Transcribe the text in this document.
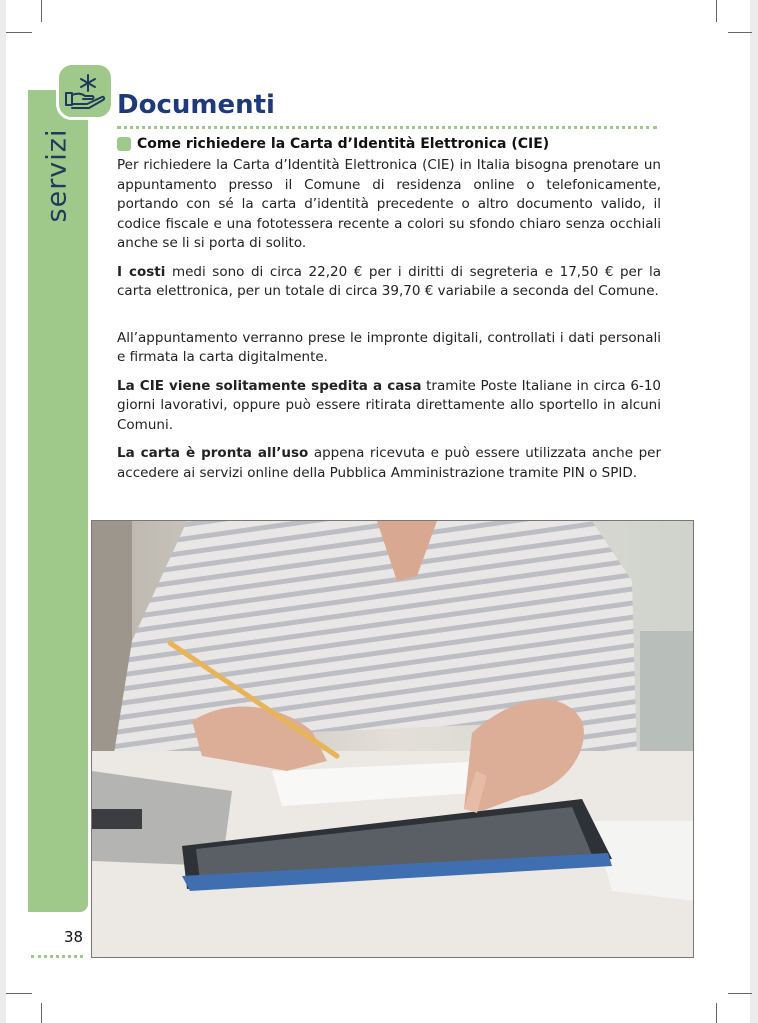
servizi
Documenti
Come richiedere la Carta d’Identità Elettronica (CIE)

Per richiedere la Carta d’Identità Elettronica (CIE) in Italia bisogna prenotare un appuntamento presso il Comune di residenza online o telefonicamente, portando con sé la carta d’identità precedente o altro documento valido, il codice fiscale e una fototessera recente a colori su sfondo chiaro senza occhiali anche se li si porta di solito.

I costi medi sono di circa 22,20 € per i diritti di segreteria e 17,50 € per la carta elettronica, per un totale di circa 39,70 € variabile a seconda del Comune.

All’appuntamento verranno prese le impronte digitali, controllati i dati personali e firmata la carta digitalmente.

La CIE viene solitamente spedita a casa tramite Poste Italiane in circa 6-10 giorni lavorativi, oppure può essere ritirata direttamente allo sportello in alcuni Comuni.

La carta è pronta all’uso appena ricevuta e può essere utilizzata anche per accedere ai servizi online della Pubblica Amministrazione tramite PIN o SPID.

38
